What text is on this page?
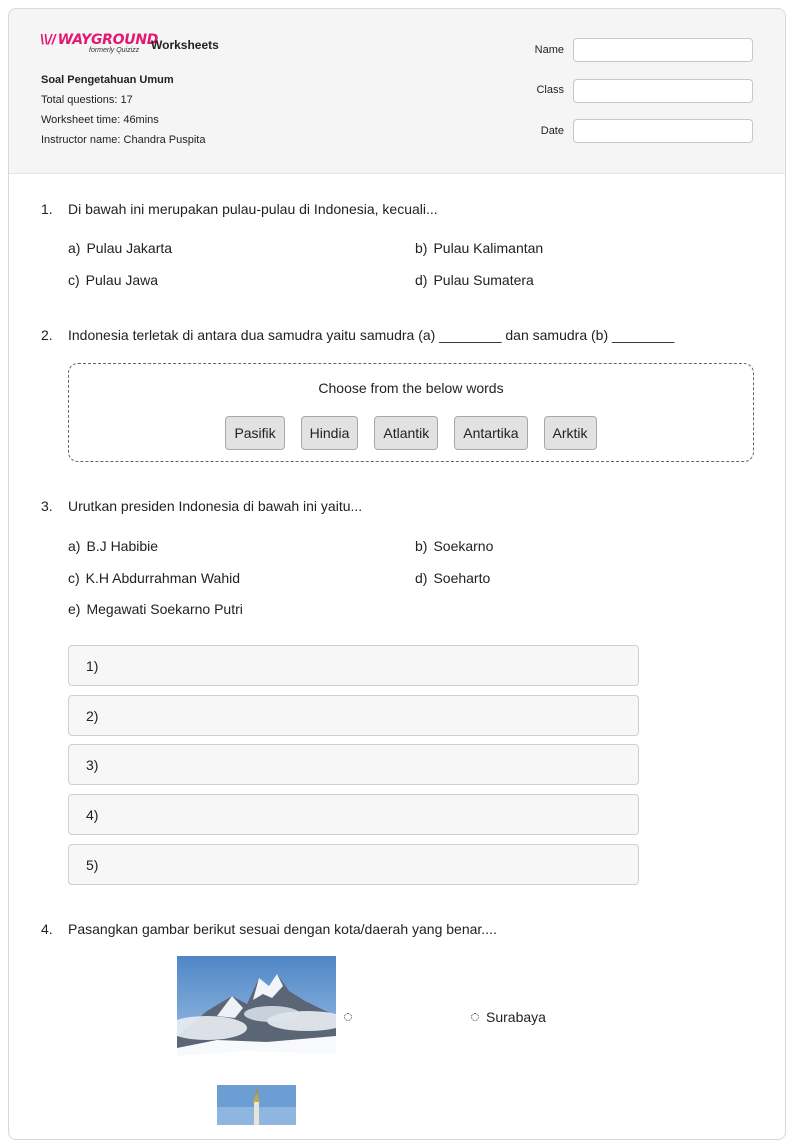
\\// WAYGROUND
formerly Quizizz Worksheets
Soal Pengetahuan Umum
Total questions: 17
Worksheet time: 46mins
Instructor name: Chandra Puspita
Name
Class
Date
1. Di bawah ini merupakan pulau-pulau di Indonesia, kecuali...
a) Pulau Jakarta	b) Pulau Kalimantan
c) Pulau Jawa	d) Pulau Sumatera
2. Indonesia terletak di antara dua samudra yaitu samudra (a) ________ dan samudra (b) ________
Choose from the below words
Pasifik Hindia Atlantik Antartika Arktik
3. Urutkan presiden Indonesia di bawah ini yaitu...
a) B.J Habibie	b) Soekarno
c) K.H Abdurrahman Wahid	d) Soeharto
e) Megawati Soekarno Putri
1)
2)
3)
4)
5)
4. Pasangkan gambar berikut sesuai dengan kota/daerah yang benar....
Surabaya
